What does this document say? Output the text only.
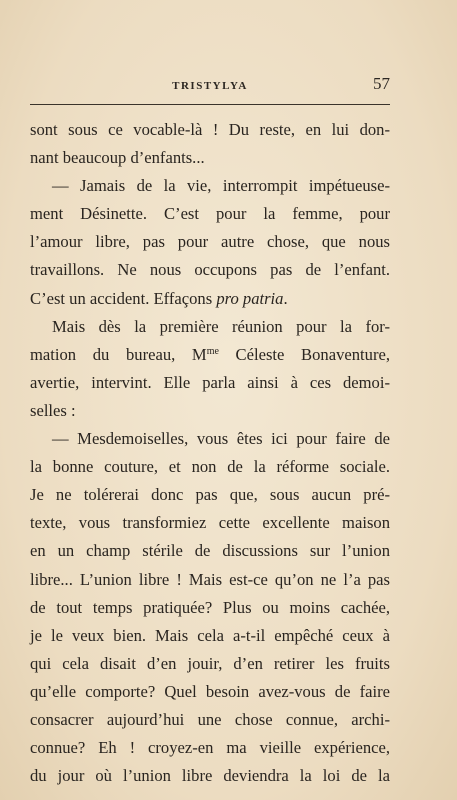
TRISTYLYA	57
sont sous ce vocable-là ! Du reste, en lui don-
nant beaucoup d’enfants...
— Jamais de la vie, interrompit impétueuse-
ment Désinette. C’est pour la femme, pour
l’amour libre, pas pour autre chose, que nous
travaillons. Ne nous occupons pas de l’enfant.
C’est un accident. Effaçons pro patria.
Mais dès la première réunion pour la for-
mation du bureau, $M^{me}$ Céleste Bonaventure,
avertie, intervint. Elle parla ainsi à ces demoi-
selles :
— Mesdemoiselles, vous êtes ici pour faire de
la bonne couture, et non de la réforme sociale.
Je ne tolérerai donc pas que, sous aucun pré-
texte, vous transformiez cette excellente maison
en un champ stérile de discussions sur l’union
libre... L’union libre ! Mais est-ce qu’on ne l’a pas
de tout temps pratiquée? Plus ou moins cachée,
je le veux bien. Mais cela a-t-il empêché ceux à
qui cela disait d’en jouir, d’en retirer les fruits
qu’elle comporte? Quel besoin avez-vous de faire
consacrer aujourd’hui une chose connue, archi-
connue? Eh ! croyez-en ma vieille expérience,
du jour où l’union libre deviendra la loi de la
